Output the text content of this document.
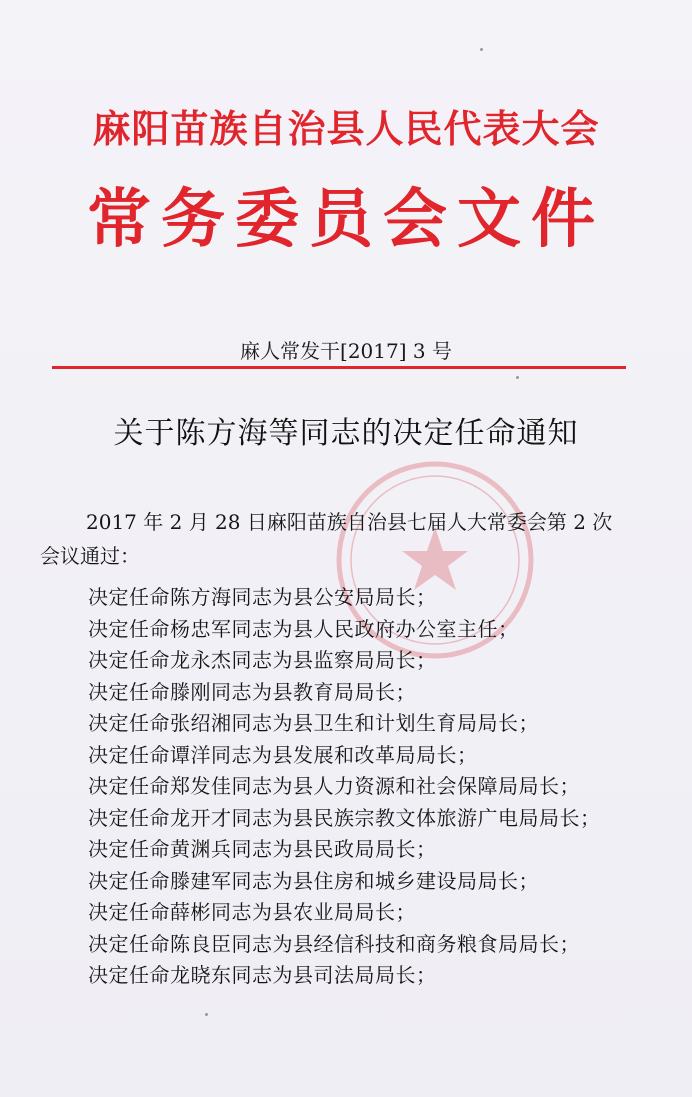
麻阳苗族自治县人民代表大会
常务委员会文件
麻人常发干[2017] 3 号
关于陈方海等同志的决定任命通知
2017 年 2 月 28 日麻阳苗族自治县七届人大常委会第 2 次
会议通过：
决定任命陈方海同志为县公安局局长；
决定任命杨忠军同志为县人民政府办公室主任；
决定任命龙永杰同志为县监察局局长；
决定任命滕刚同志为县教育局局长；
决定任命张绍湘同志为县卫生和计划生育局局长；
决定任命谭洋同志为县发展和改革局局长；
决定任命郑发佳同志为县人力资源和社会保障局局长；
决定任命龙开才同志为县民族宗教文体旅游广电局局长；
决定任命黄渊兵同志为县民政局局长；
决定任命滕建军同志为县住房和城乡建设局局长；
决定任命薛彬同志为县农业局局长；
决定任命陈良臣同志为县经信科技和商务粮食局局长；
决定任命龙晓东同志为县司法局局长；
